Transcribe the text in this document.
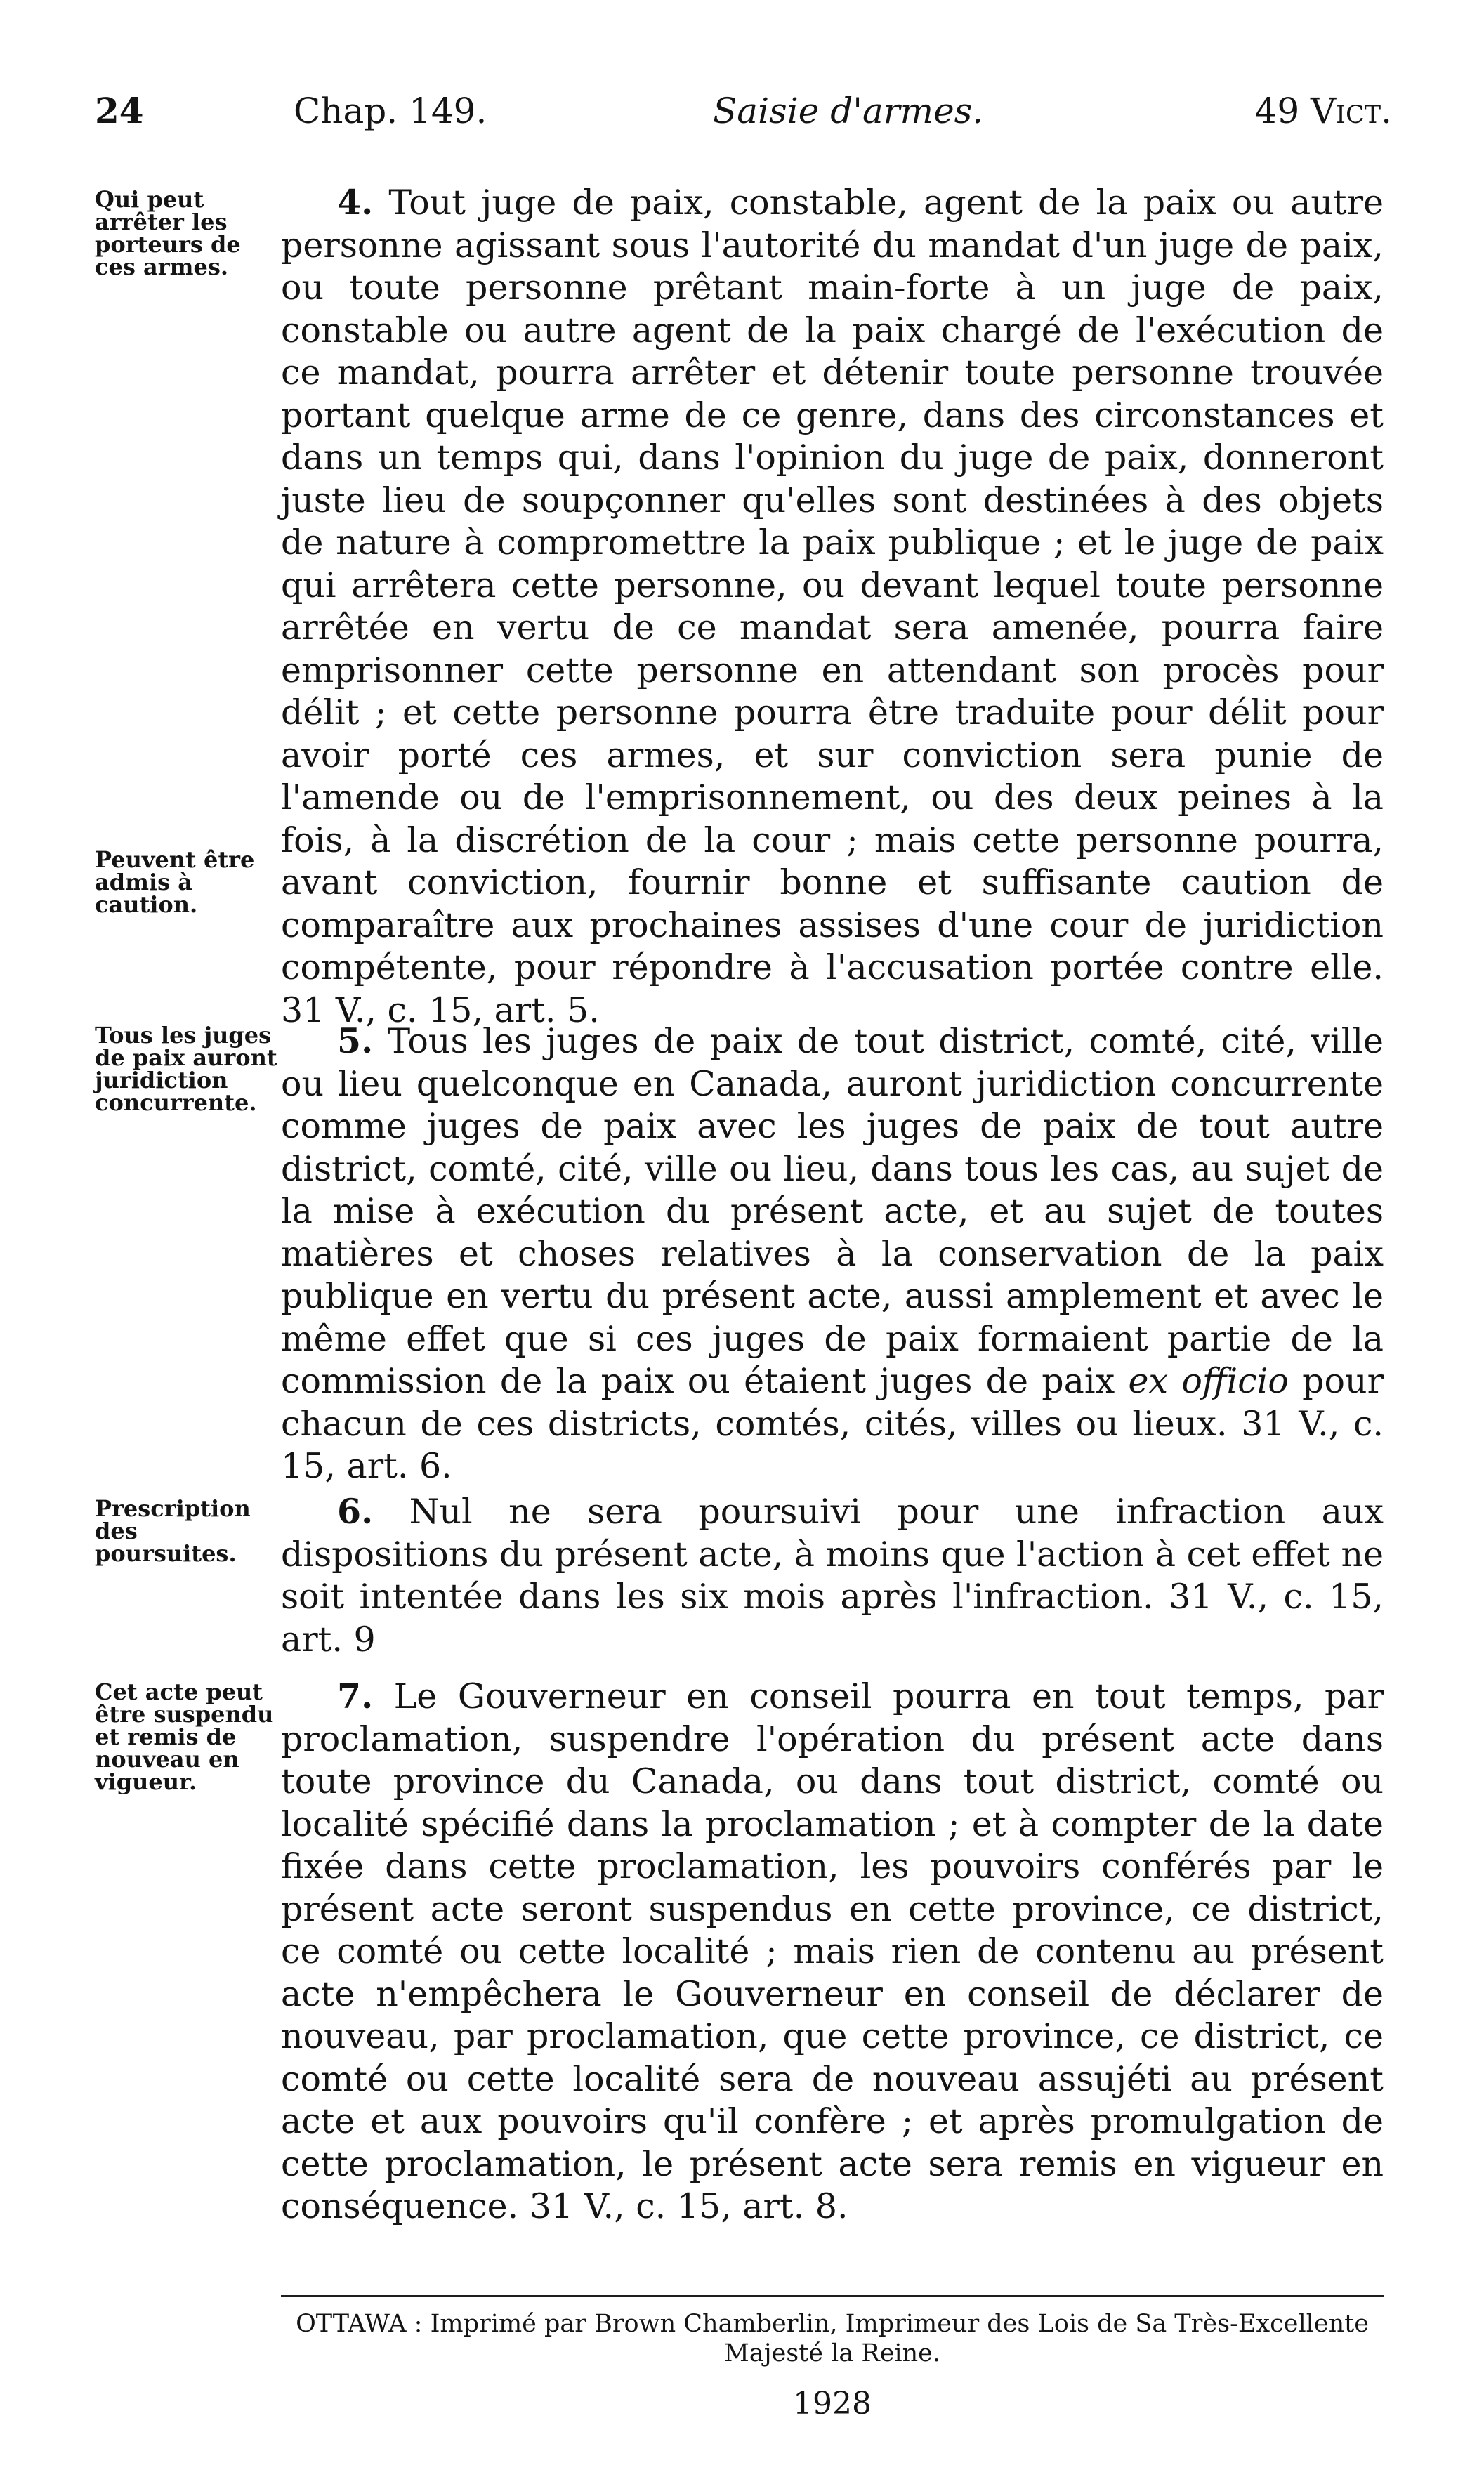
24	Chap. 149.	Saisie d'armes.	49 Vict.
Qui peut arrêter les porteurs de ces armes.
Peuvent être admis à caution.
Tous les juges de paix auront juridiction concurrente.
Prescription des poursuites.
Cet acte peut être suspendu et remis de nouveau en vigueur.
4. Tout juge de paix, constable, agent de la paix ou autre personne agissant sous l'autorité du mandat d'un juge de paix, ou toute personne prêtant main-forte à un juge de paix, constable ou autre agent de la paix chargé de l'exécution de ce mandat, pourra arrêter et détenir toute personne trouvée portant quelque arme de ce genre, dans des circonstances et dans un temps qui, dans l'opinion du juge de paix, donneront juste lieu de soupçonner qu'elles sont destinées à des objets de nature à compromettre la paix publique ; et le juge de paix qui arrêtera cette personne, ou devant lequel toute personne arrêtée en vertu de ce mandat sera amenée, pourra faire emprisonner cette personne en attendant son procès pour délit ; et cette personne pourra être traduite pour délit pour avoir porté ces armes, et sur conviction sera punie de l'amende ou de l'emprisonnement, ou des deux peines à la fois, à la discrétion de la cour ; mais cette personne pourra, avant conviction, fournir bonne et suffisante caution de comparaître aux prochaines assises d'une cour de juridiction compétente, pour répondre à l'accusation portée contre elle. 31 V., c. 15, art. 5.
5. Tous les juges de paix de tout district, comté, cité, ville ou lieu quelconque en Canada, auront juridiction concurrente comme juges de paix avec les juges de paix de tout autre district, comté, cité, ville ou lieu, dans tous les cas, au sujet de la mise à exécution du présent acte, et au sujet de toutes matières et choses relatives à la conservation de la paix publique en vertu du présent acte, aussi amplement et avec le même effet que si ces juges de paix formaient partie de la commission de la paix ou étaient juges de paix ex officio pour chacun de ces districts, comtés, cités, villes ou lieux. 31 V., c. 15, art. 6.
6. Nul ne sera poursuivi pour une infraction aux dispositions du présent acte, à moins que l'action à cet effet ne soit intentée dans les six mois après l'infraction. 31 V., c. 15, art. 9
7. Le Gouverneur en conseil pourra en tout temps, par proclamation, suspendre l'opération du présent acte dans toute province du Canada, ou dans tout district, comté ou localité spécifié dans la proclamation ; et à compter de la date fixée dans cette proclamation, les pouvoirs conférés par le présent acte seront suspendus en cette province, ce district, ce comté ou cette localité ; mais rien de contenu au présent acte n'empêchera le Gouverneur en conseil de déclarer de nouveau, par proclamation, que cette province, ce district, ce comté ou cette localité sera de nouveau assujéti au présent acte et aux pouvoirs qu'il confère ; et après promulgation de cette proclamation, le présent acte sera remis en vigueur en conséquence. 31 V., c. 15, art. 8.
OTTAWA : Imprimé par Brown Chamberlin, Imprimeur des Lois de Sa Très-Excellente Majesté la Reine.
1928
